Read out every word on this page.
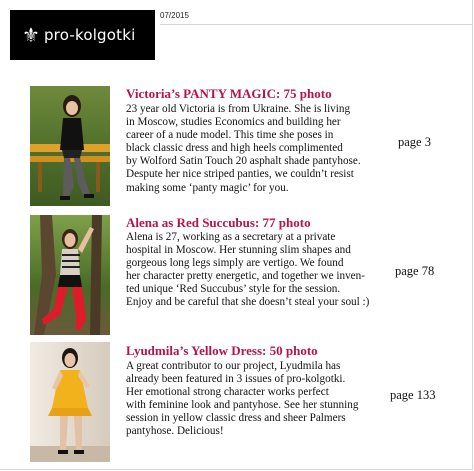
⚜ pro-kolgotki
07/2015
Victoria’s PANTY MAGIC: 75 photo
23 year old Victoria is from Ukraine. She is living
in Moscow, studies Economics and building her
career of a nude model. This time she poses in
black classic dress and high heels complimented
by Wolford Satin Touch 20 asphalt shade pantyhose.
Despute her nice striped panties, we couldn’t resist
making some ‘panty magic’ for you.
page 3
Alena as Red Succubus: 77 photo
Alena is 27, working as a secretary at a private
hospital in Moscow. Her stunning slim shapes and
gorgeous long legs simply are vertigo. We found
her character pretty energetic, and together we inven-
ted unique ‘Red Succubus’ style for the session.
Enjoy and be careful that she doesn’t steal your soul :)
page 78
Lyudmila’s Yellow Dress: 50 photo
A great contributor to our project, Lyudmila has
already been featured in 3 issues of pro-kolgotki.
Her emotional strong character works perfect
with feminine look and pantyhose. See her stunning
session in yellow classic dress and sheer Palmers
pantyhose. Delicious!
page 133
